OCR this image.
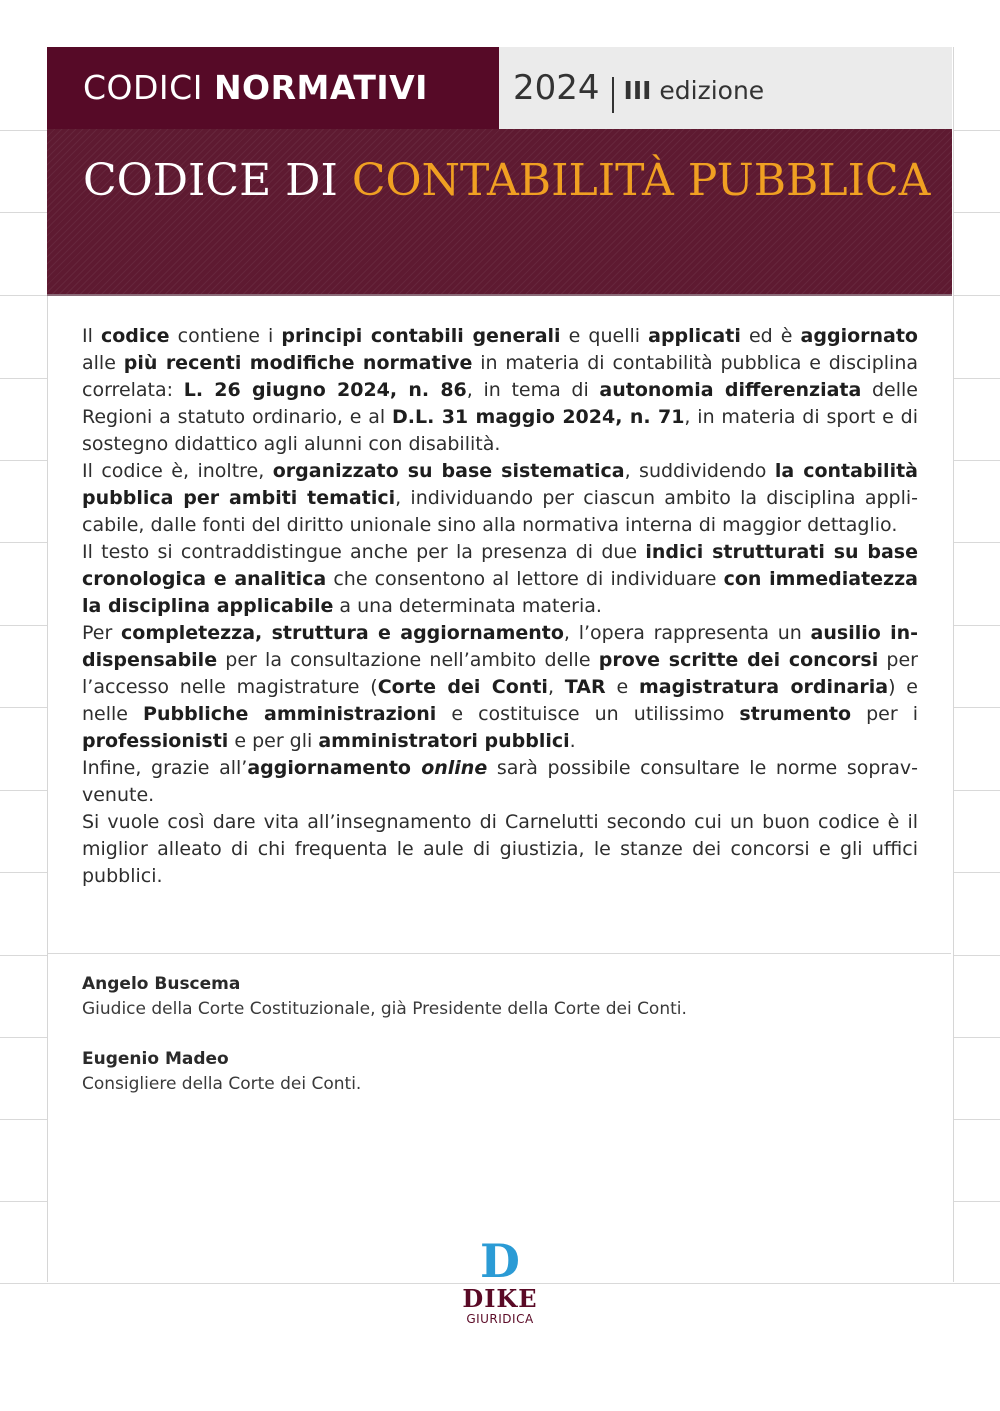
CODICI NORMATIVI	2024 III edizione
CODICE DI CONTABILITÀ PUBBLICA

Il codice contiene i principi contabili generali e quelli applicati ed è aggiornato alle più recenti modifiche normative in materia di contabilità pubblica e disciplina correlata: L. 26 giugno 2024, n. 86, in tema di autonomia differenziata delle Regioni a statuto ordinario, e al D.L. 31 maggio 2024, n. 71, in materia di sport e di sostegno didattico agli alunni con disabilità.

Il codice è, inoltre, organizzato su base sistematica, suddividendo la contabilità pubblica per ambiti tematici, individuando per ciascun ambito la disciplina applicabile, dalle fonti del diritto unionale sino alla normativa interna di maggior dettaglio.

Il testo si contraddistingue anche per la presenza di due indici strutturati su base cronologica e analitica che consentono al lettore di individuare con immediatezza la disciplina applicabile a una determinata materia.

Per completezza, struttura e aggiornamento, l’opera rappresenta un ausilio indispensabile per la consultazione nell’ambito delle prove scritte dei concorsi per l’accesso nelle magistrature (Corte dei Conti, TAR e magistratura ordinaria) e nelle Pubbliche amministrazioni e costituisce un utilissimo strumento per i professionisti e per gli amministratori pubblici.

Infine, grazie all’aggiornamento online sarà possibile consultare le norme sopravvenute.

Si vuole così dare vita all’insegnamento di Carnelutti secondo cui un buon codice è il miglior alleato di chi frequenta le aule di giustizia, le stanze dei concorsi e gli uffici pubblici.

Angelo Buscema
Giudice della Corte Costituzionale, già Presidente della Corte dei Conti.
Eugenio Madeo
Consigliere della Corte dei Conti.
D
DIKE
GIURIDICA
